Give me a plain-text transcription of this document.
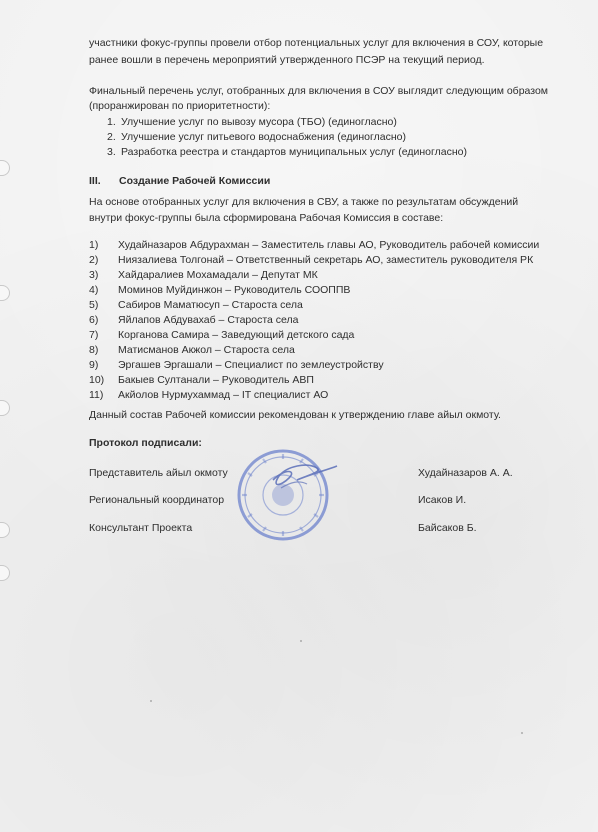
участники фокус-группы провели отбор потенциальных услуг для включения в СОУ, которые
ранее вошли в перечень мероприятий утвержденного ПСЭР на текущий период.
Финальный перечень услуг, отобранных для включения в СОУ выглядит следующим образом
(проранжирован по приоритетности):
1. Улучшение услуг по вывозу мусора (ТБО) (единогласно)
2. Улучшение услуг питьевого водоснабжения (единогласно)
3. Разработка реестра и стандартов муниципальных услуг (единогласно)
III. Создание Рабочей Комиссии
На основе отобранных услуг для включения в СВУ, а также по результатам обсуждений
внутри фокус-группы была сформирована Рабочая Комиссия в составе:
1) Худайназаров Абдурахман – Заместитель главы АО, Руководитель рабочей комиссии
2) Ниязалиева Толгонай – Ответственный секретарь АО, заместитель руководителя РК
3) Хайдаралиев Мохамадали – Депутат МК
4) Моминов Муйдинжон – Руководитель СООППВ
5) Сабиров Маматюсуп – Староста села
6) Яйлапов Абдувахаб – Староста села
7) Корганова Самира – Заведующий детского сада
8) Матисманов Акжол – Староста села
9) Эргашев Эргашали – Специалист по землеустройству
10) Бакыев Султанали – Руководитель АВП
11) Акйолов Нурмухаммад – IT специалист АО
Данный состав Рабочей комиссии рекомендован к утверждению главе айыл окмоту.
Протокол подписали:
Представитель айыл окмоту	Худайназаров А. А.
Региональный координатор	Исаков И.
Консультант Проекта	Байсаков Б.
